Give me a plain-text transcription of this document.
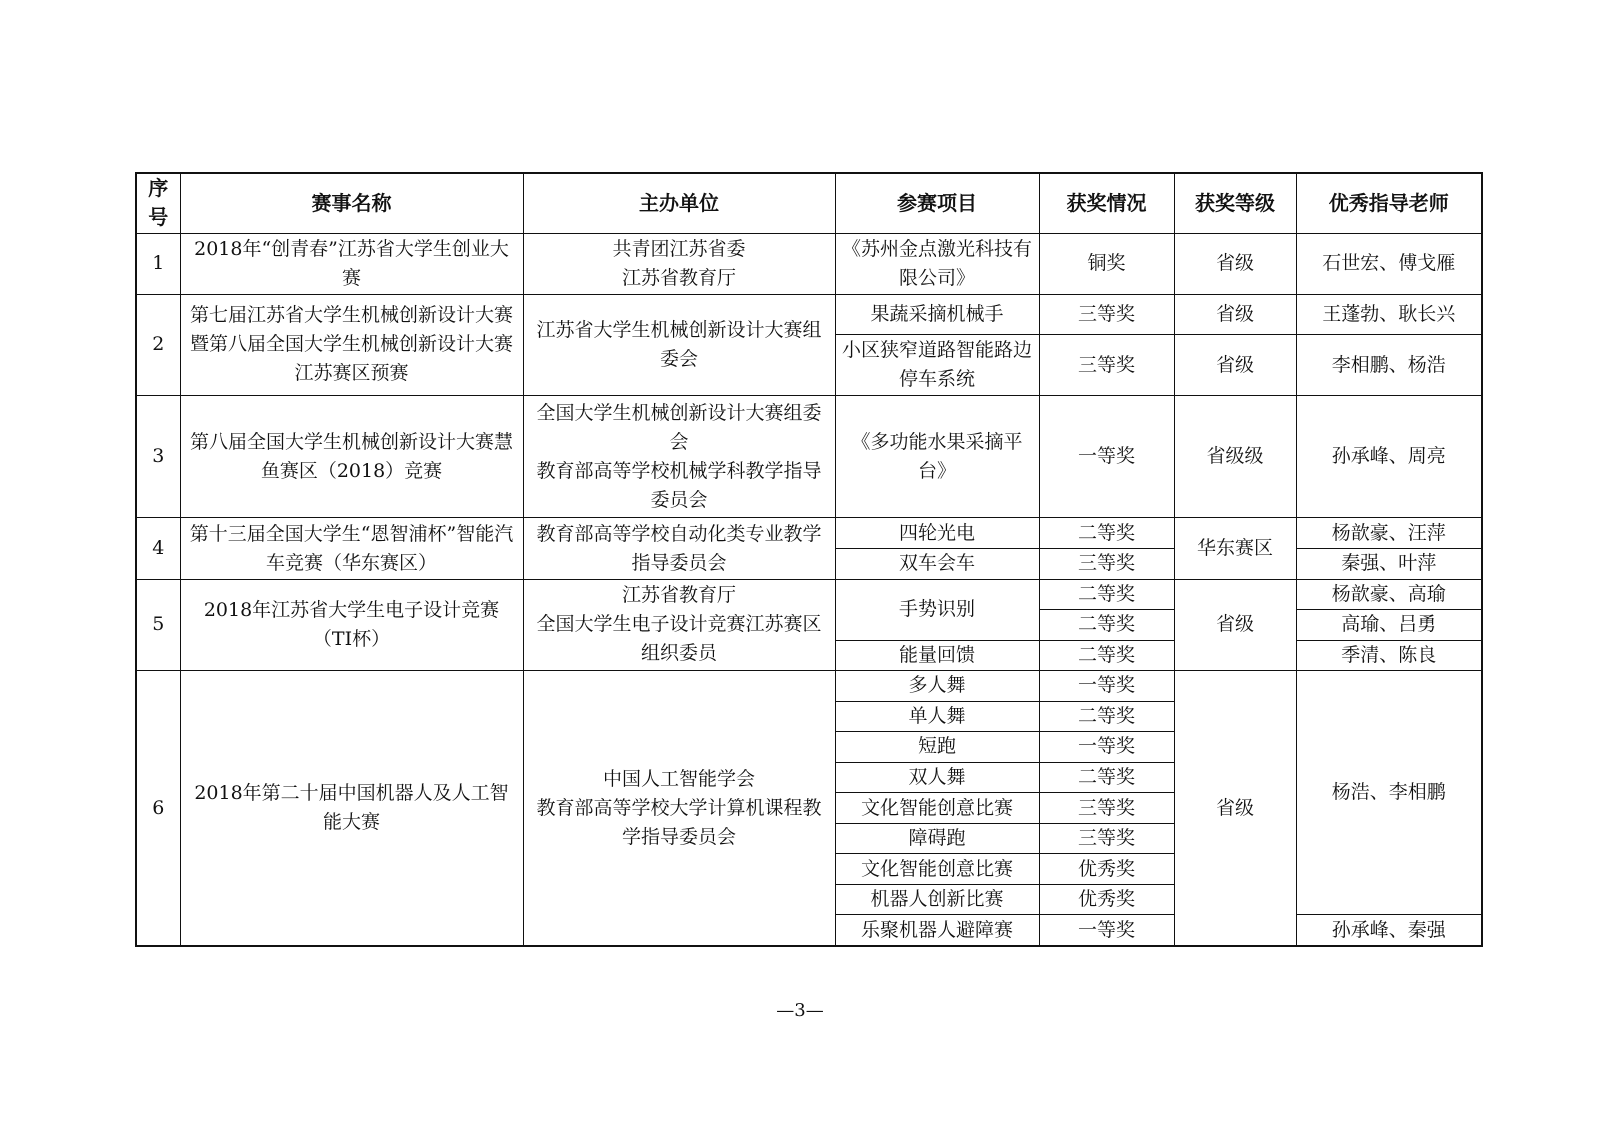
序
号	赛事名称	主办单位	参赛项目	获奖情况	获奖等级	优秀指导老师
1	2018年“创青春”江苏省大学生创业大赛	共青团江苏省委
江苏省教育厅	《苏州金点激光科技有限公司》	铜奖	省级	石世宏、傅戈雁
2	第七届江苏省大学生机械创新设计大赛暨第八届全国大学生机械创新设计大赛江苏赛区预赛	江苏省大学生机械创新设计大赛组委会	果蔬采摘机械手	三等奖	省级	王蓬勃、耿长兴
			小区狭窄道路智能路边停车系统	三等奖	省级	李相鹏、杨浩
3	第八届全国大学生机械创新设计大赛慧鱼赛区（2018）竞赛	全国大学生机械创新设计大赛组委会
教育部高等学校机械学科教学指导委员会	《多功能水果采摘平台》	一等奖	省级级	孙承峰、周亮
4	第十三届全国大学生“恩智浦杯”智能汽车竞赛（华东赛区）	教育部高等学校自动化类专业教学指导委员会	四轮光电	二等奖	华东赛区	杨歆豪、汪萍
			双车会车	三等奖		秦强、叶萍
5	2018年江苏省大学生电子设计竞赛（TI杯）	江苏省教育厅
全国大学生电子设计竞赛江苏赛区组织委员	手势识别	二等奖	省级	杨歆豪、高瑜
				二等奖		高瑜、吕勇
			能量回馈	二等奖		季清、陈良
6	2018年第二十届中国机器人及人工智能大赛	中国人工智能学会
教育部高等学校大学计算机课程教学指导委员会	多人舞	一等奖	省级	杨浩、李相鹏
			单人舞	二等奖		
			短跑	一等奖		
			双人舞	二等奖		
			文化智能创意比赛	三等奖		
			障碍跑	三等奖		
			文化智能创意比赛	优秀奖		
			机器人创新比赛	优秀奖		
			乐聚机器人避障赛	一等奖		孙承峰、秦强
—3—
